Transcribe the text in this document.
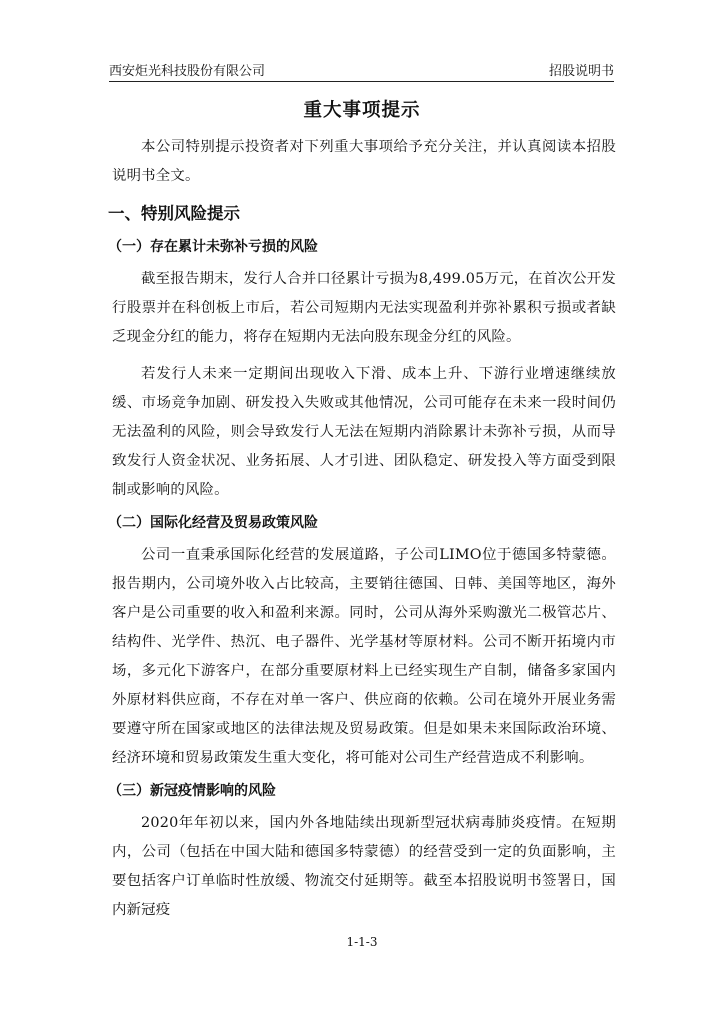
西安炬光科技股份有限公司	招股说明书
重大事项提示

本公司特别提示投资者对下列重大事项给予充分关注，并认真阅读本招股说明书全文。

一、特别风险提示
（一）存在累计未弥补亏损的风险

截至报告期末，发行人合并口径累计亏损为8,499.05万元，在首次公开发行股票并在科创板上市后，若公司短期内无法实现盈利并弥补累积亏损或者缺乏现金分红的能力，将存在短期内无法向股东现金分红的风险。

若发行人未来一定期间出现收入下滑、成本上升、下游行业增速继续放缓、市场竞争加剧、研发投入失败或其他情况，公司可能存在未来一段时间仍无法盈利的风险，则会导致发行人无法在短期内消除累计未弥补亏损，从而导致发行人资金状况、业务拓展、人才引进、团队稳定、研发投入等方面受到限制或影响的风险。

（二）国际化经营及贸易政策风险

公司一直秉承国际化经营的发展道路，子公司LIMO位于德国多特蒙德。报告期内，公司境外收入占比较高，主要销往德国、日韩、美国等地区，海外客户是公司重要的收入和盈利来源。同时，公司从海外采购激光二极管芯片、结构件、光学件、热沉、电子器件、光学基材等原材料。公司不断开拓境内市场，多元化下游客户，在部分重要原材料上已经实现生产自制，储备多家国内外原材料供应商，不存在对单一客户、供应商的依赖。公司在境外开展业务需要遵守所在国家或地区的法律法规及贸易政策。但是如果未来国际政治环境、经济环境和贸易政策发生重大变化，将可能对公司生产经营造成不利影响。

（三）新冠疫情影响的风险

2020年年初以来，国内外各地陆续出现新型冠状病毒肺炎疫情。在短期内，公司（包括在中国大陆和德国多特蒙德）的经营受到一定的负面影响，主要包括客户订单临时性放缓、物流交付延期等。截至本招股说明书签署日，国内新冠疫

1-1-3
